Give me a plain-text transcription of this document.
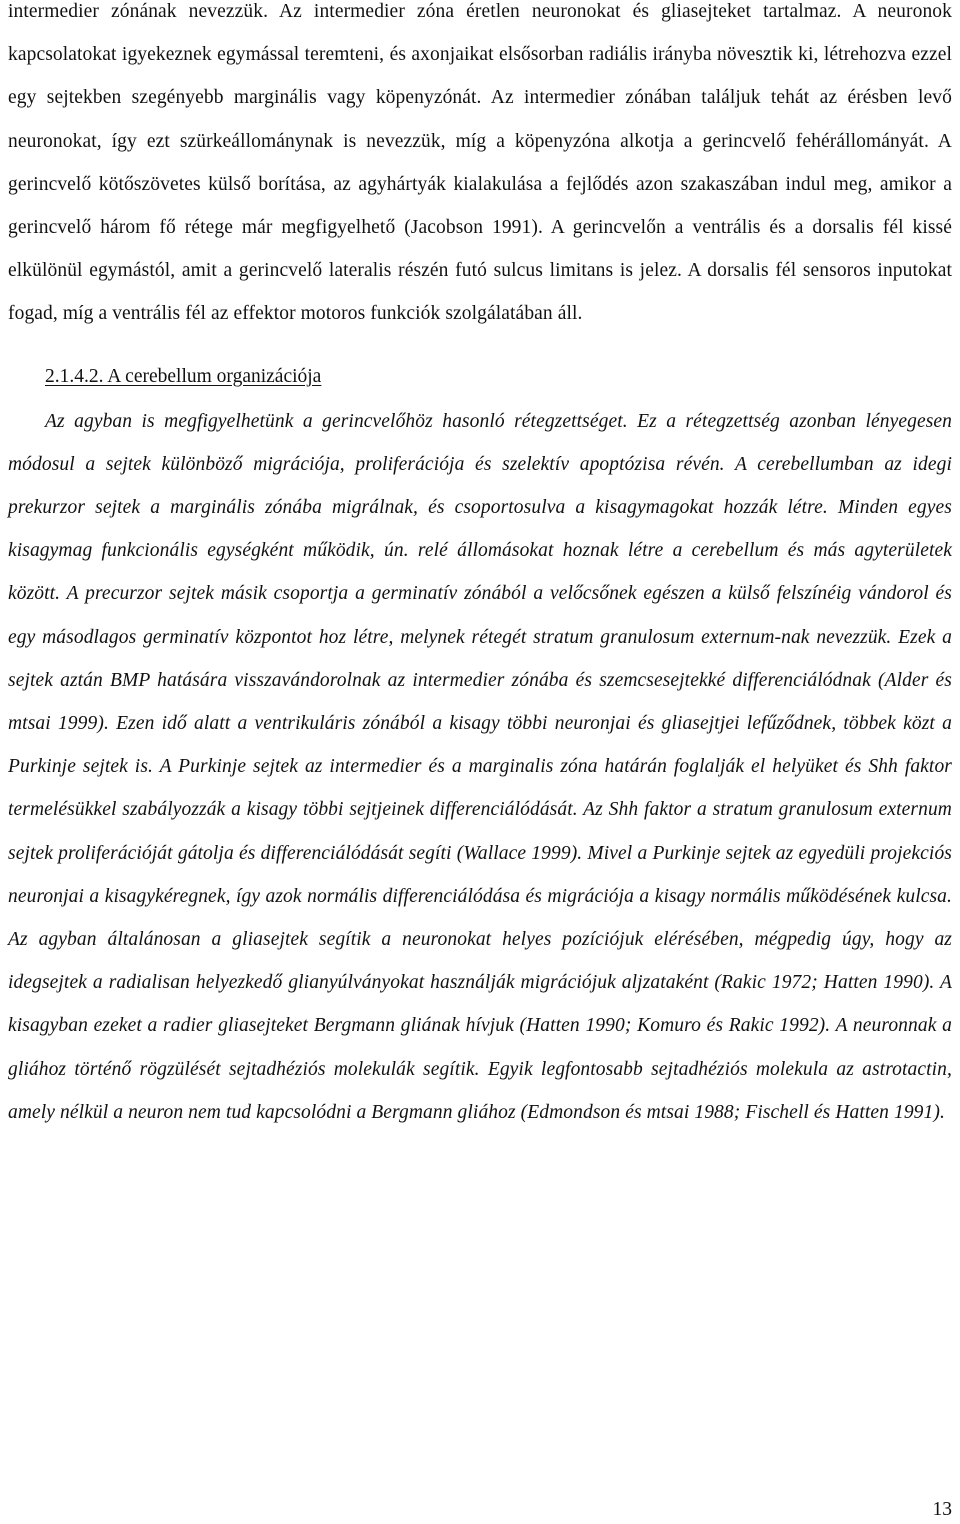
intermedier zónának nevezzük. Az intermedier zóna éretlen neuronokat és gliasejteket tartalmaz. A neuronok kapcsolatokat igyekeznek egymással teremteni, és axonjaikat elsősorban radiális irányba növesztik ki, létrehozva ezzel egy sejtekben szegényebb marginális vagy köpenyzónát. Az intermedier zónában találjuk tehát az érésben levő neuronokat, így ezt szürkeállománynak is nevezzük, míg a köpenyzóna alkotja a gerincvelő fehérállományát. A gerincvelő kötőszövetes külső borítása, az agyhártyák kialakulása a fejlődés azon szakaszában indul meg, amikor a gerincvelő három fő rétege már megfigyelhető (Jacobson 1991). A gerincvelőn a ventrális és a dorsalis fél kissé elkülönül egymástól, amit a gerincvelő lateralis részén futó sulcus limitans is jelez. A dorsalis fél sensoros inputokat fogad, míg a ventrális fél az effektor motoros funkciók szolgálatában áll.

2.1.4.2. A cerebellum organizációja

Az agyban is megfigyelhetünk a gerincvelőhöz hasonló rétegzettséget. Ez a rétegzettség azonban lényegesen módosul a sejtek különböző migrációja, proliferációja és szelektív apoptózisa révén. A cerebellumban az idegi prekurzor sejtek a marginális zónába migrálnak, és csoportosulva a kisagymagokat hozzák létre. Minden egyes kisagymag funkcionális egységként működik, ún. relé állomásokat hoznak létre a cerebellum és más agyterületek között. A precurzor sejtek másik csoportja a germinatív zónából a velőcsőnek egészen a külső felszínéig vándorol és egy másodlagos germinatív központot hoz létre, melynek rétegét stratum granulosum externum-nak nevezzük. Ezek a sejtek aztán BMP hatására visszavándorolnak az intermedier zónába és szemcsesejtekké differenciálódnak (Alder és mtsai 1999). Ezen idő alatt a ventrikuláris zónából a kisagy többi neuronjai és gliasejtjei lefűződnek, többek közt a Purkinje sejtek is. A Purkinje sejtek az intermedier és a marginalis zóna határán foglalják el helyüket és Shh faktor termelésükkel szabályozzák a kisagy többi sejtjeinek differenciálódását. Az Shh faktor a stratum granulosum externum sejtek proliferációját gátolja és differenciálódását segíti (Wallace 1999). Mivel a Purkinje sejtek az egyedüli projekciós neuronjai a kisagykéregnek, így azok normális differenciálódása és migrációja a kisagy normális működésének kulcsa. Az agyban általánosan a gliasejtek segítik a neuronokat helyes pozíciójuk elérésében, mégpedig úgy, hogy az idegsejtek a radialisan helyezkedő glianyúlványokat használják migrációjuk aljzataként (Rakic 1972; Hatten 1990). A kisagyban ezeket a radier gliasejteket Bergmann gliának hívjuk (Hatten 1990; Komuro és Rakic 1992). A neuronnak a gliához történő rögzülését sejtadhéziós molekulák segítik. Egyik legfontosabb sejtadhéziós molekula az astrotactin, amely nélkül a neuron nem tud kapcsolódni a Bergmann gliához (Edmondson és mtsai 1988; Fischell és Hatten 1991).

13
